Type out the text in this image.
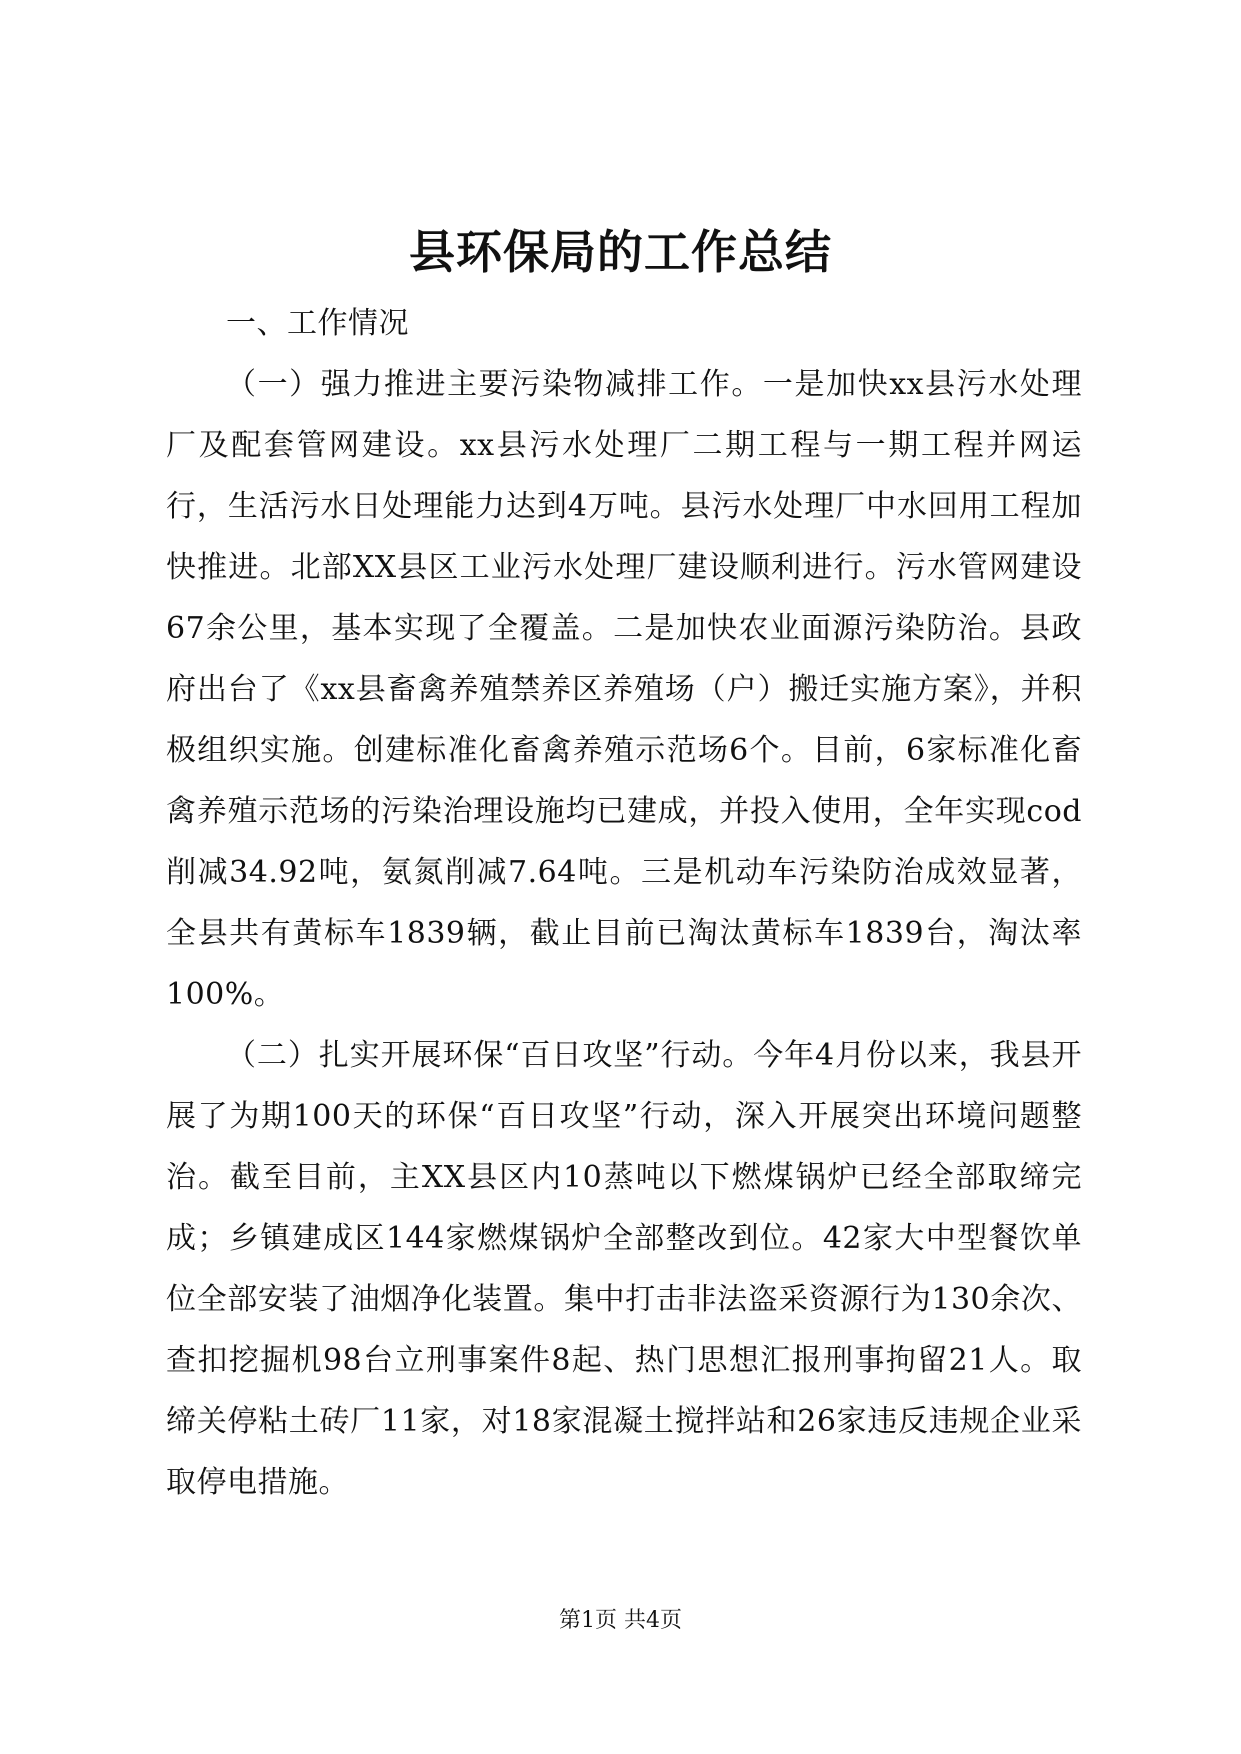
县环保局的工作总结

一、工作情况

（一）强力推进主要污染物减排工作。一是加快xx县污水处理厂及配套管网建设。xx县污水处理厂二期工程与一期工程并网运行，生活污水日处理能力达到4万吨。县污水处理厂中水回用工程加快推进。北部XX县区工业污水处理厂建设顺利进行。污水管网建设67余公里，基本实现了全覆盖。二是加快农业面源污染防治。县政府出台了《xx县畜禽养殖禁养区养殖场（户）搬迁实施方案》，并积极组织实施。创建标准化畜禽养殖示范场6个。目前，6家标准化畜禽养殖示范场的污染治理设施均已建成，并投入使用，全年实现cod削减34.92吨，氨氮削减7.64吨。三是机动车污染防治成效显著，全县共有黄标车1839辆，截止目前已淘汰黄标车1839台，淘汰率100%。

（二）扎实开展环保“百日攻坚”行动。今年4月份以来，我县开展了为期100天的环保“百日攻坚”行动，深入开展突出环境问题整治。截至目前，主XX县区内10蒸吨以下燃煤锅炉已经全部取缔完成；乡镇建成区144家燃煤锅炉全部整改到位。42家大中型餐饮单位全部安装了油烟净化装置。集中打击非法盗采资源行为130余次、查扣挖掘机98台立刑事案件8起、热门思想汇报刑事拘留21人。取缔关停粘土砖厂11家，对18家混凝土搅拌站和26家违反违规企业采取停电措施。

第1页 共4页
